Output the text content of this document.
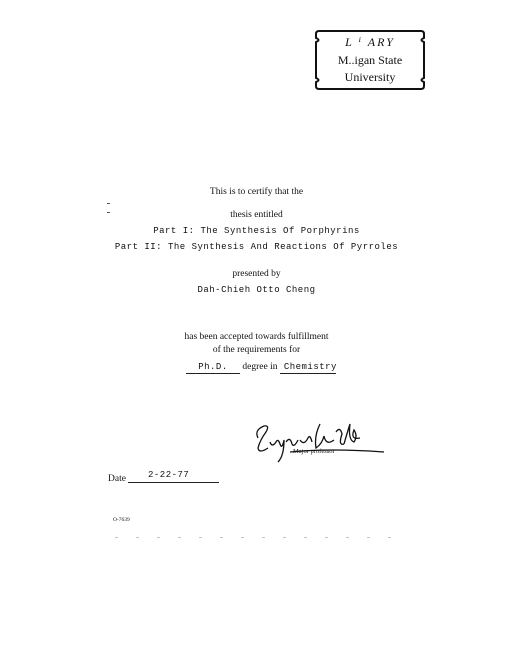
L ⁱ ARY
M..igan State
University
This is to certify that the
thesis entitled
Part I: The Synthesis Of Porphyrins
Part II: The Synthesis And Reactions Of Pyrroles
presented by
Dah-Chieh Otto Cheng
has been accepted towards fulfillment
of the requirements for
Ph.D. degree in Chemistry
Major professor
Date 2-22-77
O-7639
